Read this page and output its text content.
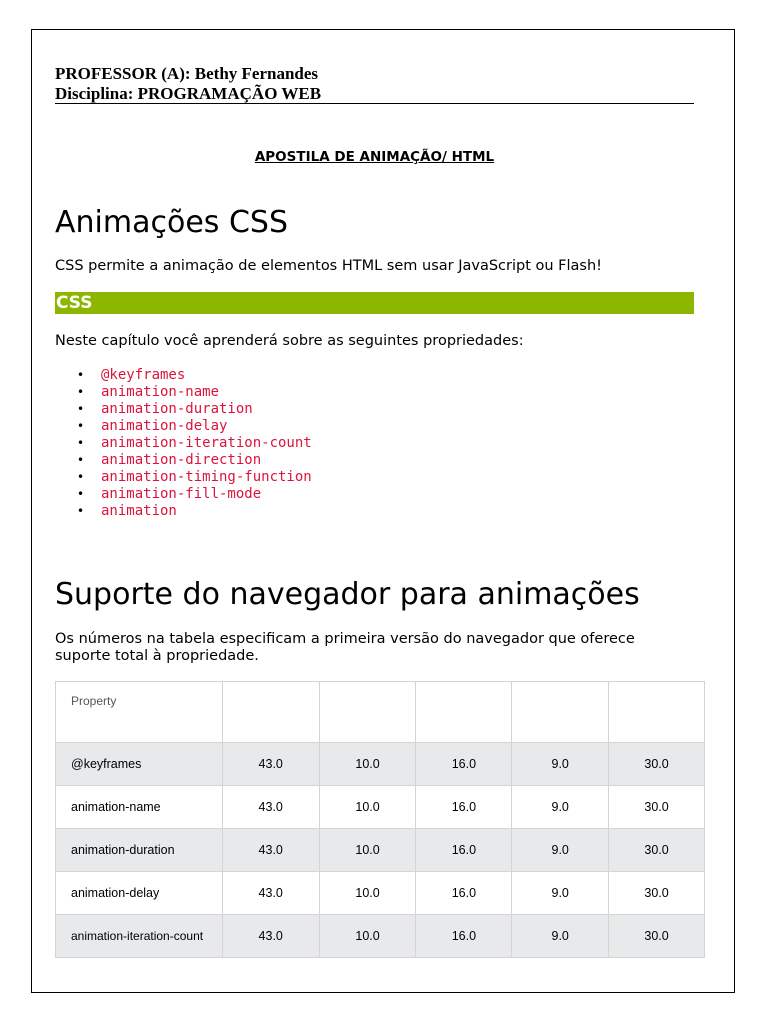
PROFESSOR (A): Bethy Fernandes
Disciplina: PROGRAMAÇÃO WEB
APOSTILA DE ANIMAÇÃO/ HTML
Animações CSS
CSS permite a animação de elementos HTML sem usar JavaScript ou Flash!
CSS
Neste capítulo você aprenderá sobre as seguintes propriedades:
• @keyframes
• animation-name
• animation-duration
• animation-delay
• animation-iteration-count
• animation-direction
• animation-timing-function
• animation-fill-mode
• animation
Suporte do navegador para animações
Os números na tabela especificam a primeira versão do navegador que oferece suporte total à propriedade.
Property					
@keyframes	43.0	10.0	16.0	9.0	30.0
animation-name	43.0	10.0	16.0	9.0	30.0
animation-duration	43.0	10.0	16.0	9.0	30.0
animation-delay	43.0	10.0	16.0	9.0	30.0
animation-iteration-count	43.0	10.0	16.0	9.0	30.0
